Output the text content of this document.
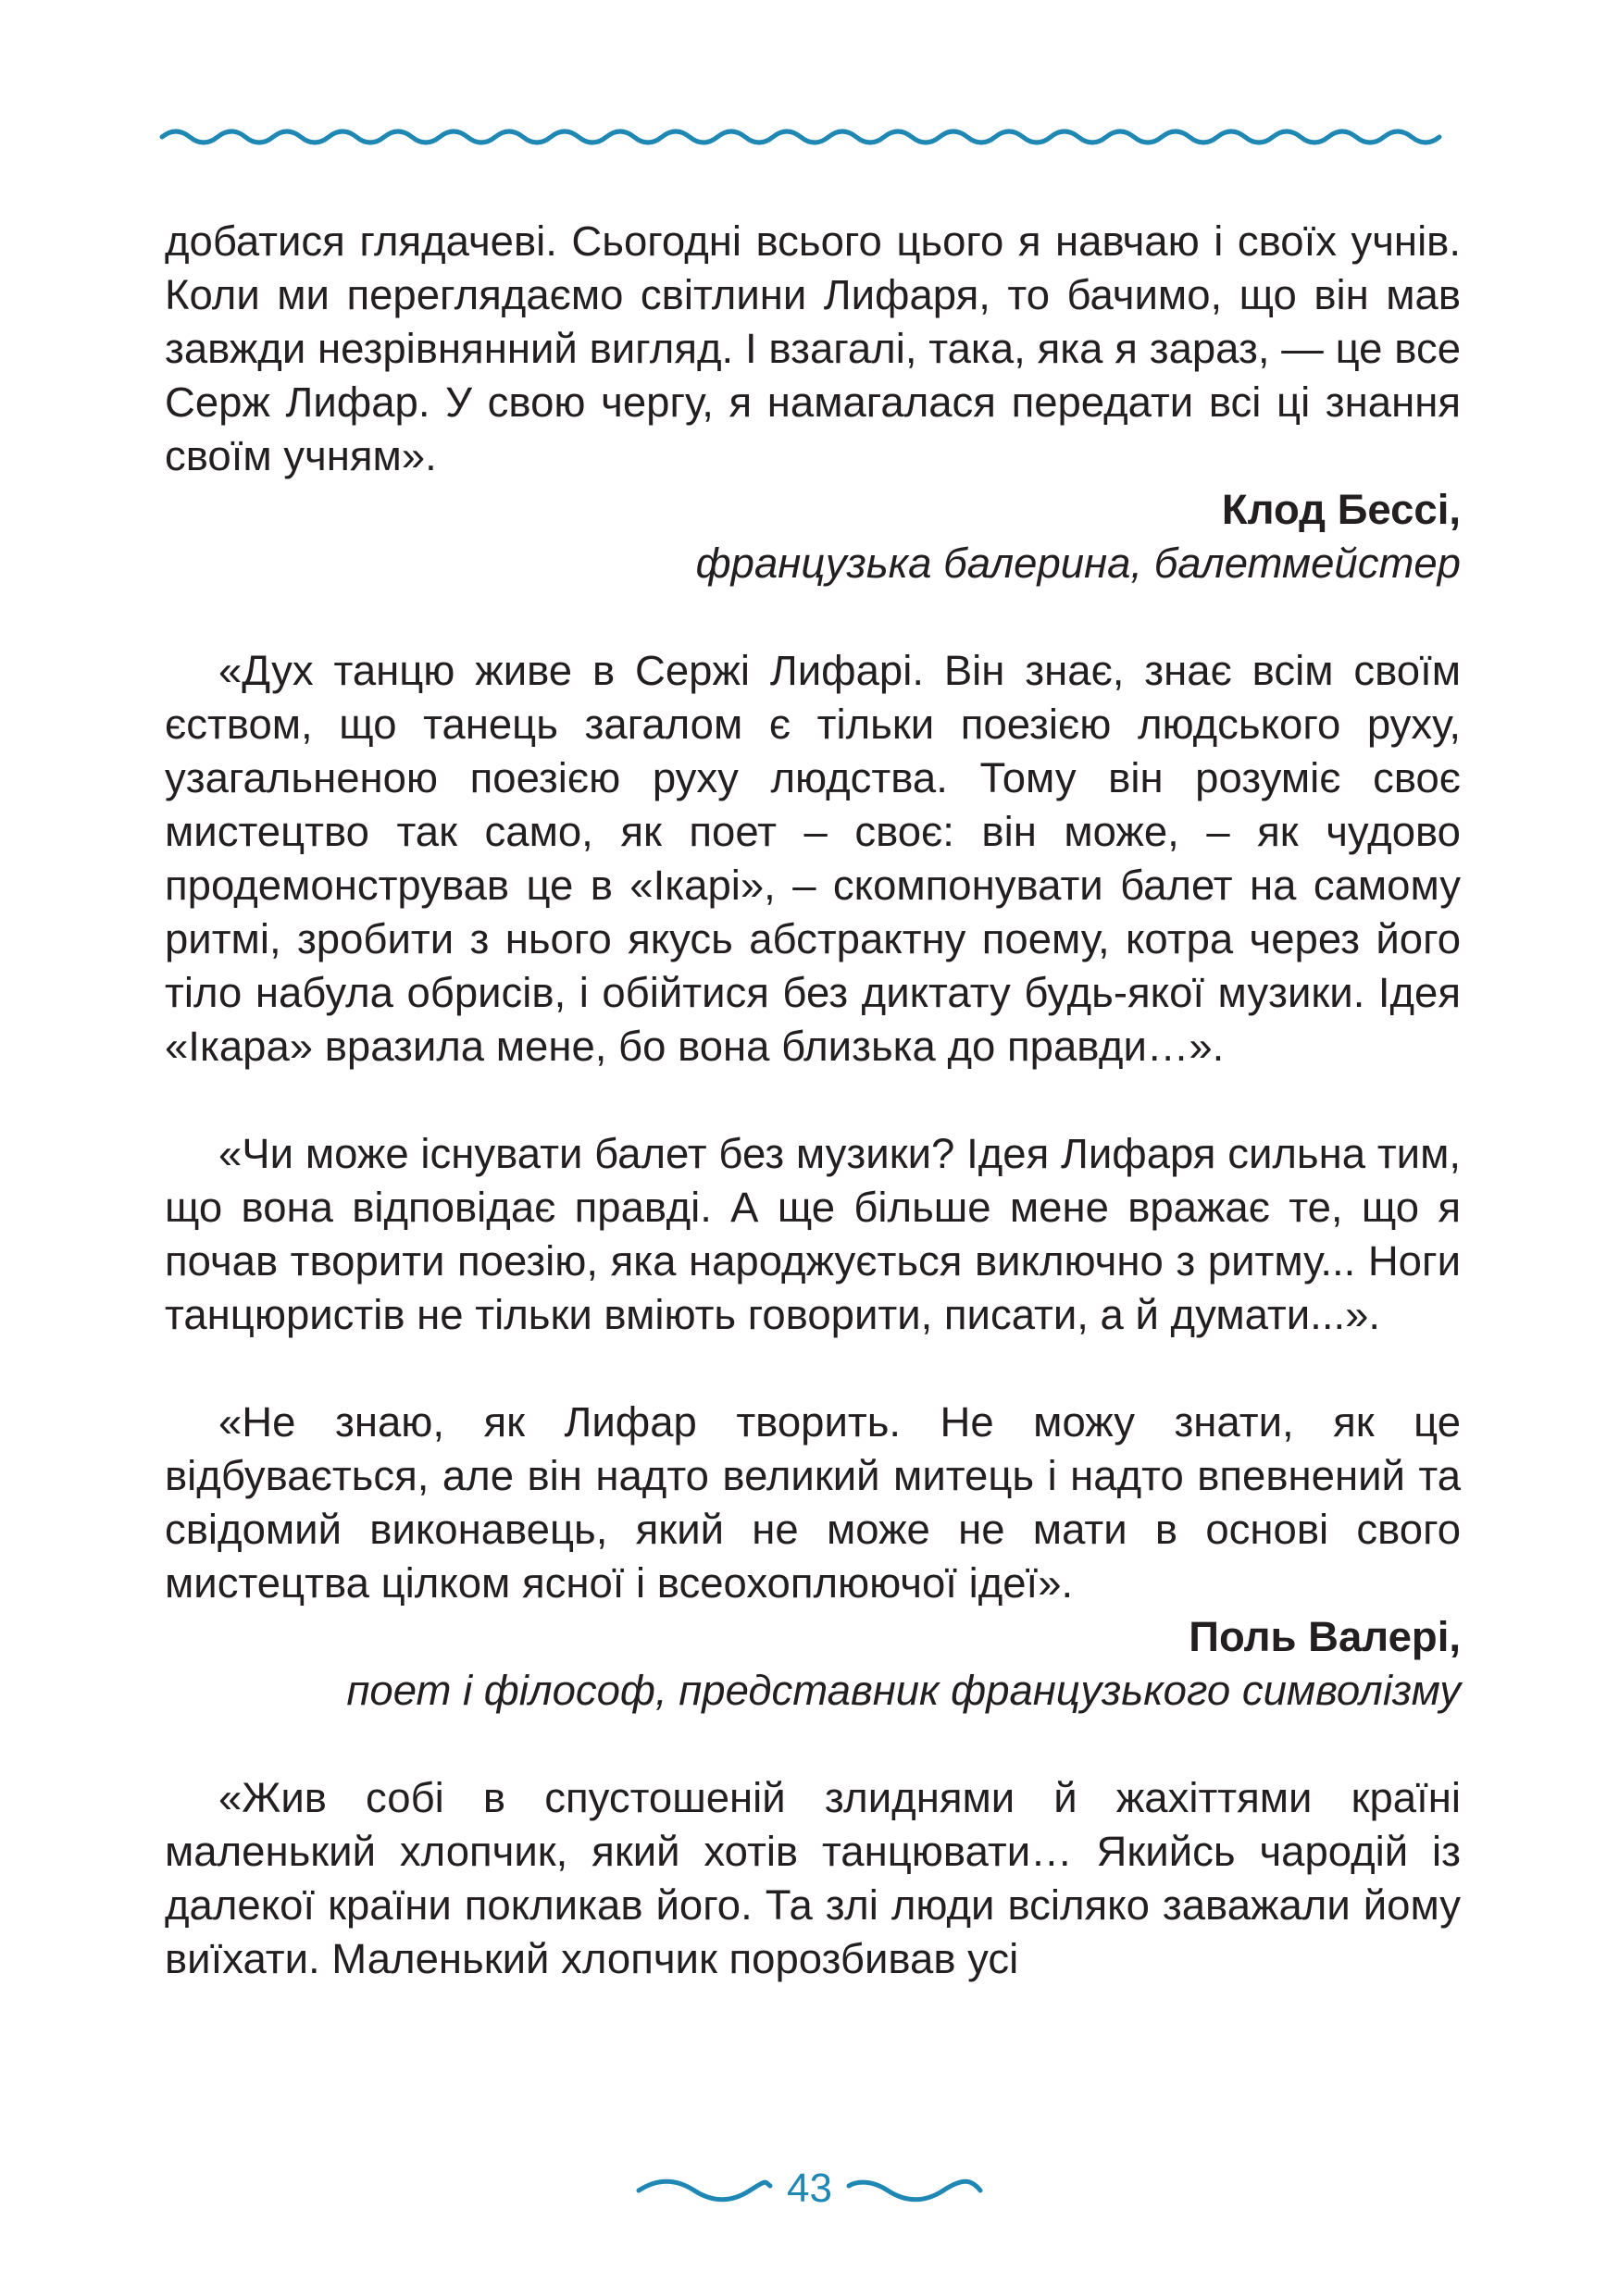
добатися глядачеві. Сьогодні всього цього я навчаю і своїх учнів. Коли ми переглядаємо світлини Лифаря, то бачимо, що він мав завжди незрівнянний вигляд. І взагалі, така, яка я зараз, — це все Серж Лифар. У свою чергу, я намагалася передати всі ці знання своїм учням».

Клод Бессі,

французька балерина, балетмейстер

«Дух танцю живе в Сержі Лифарі. Він знає, знає всім своїм єством, що танець загалом є тільки поезією людського руху, узагальненою поезією руху людства. Тому він розуміє своє мистецтво так само, як поет – своє: він може, – як чудово продемонстрував це в «Ікарі», – скомпонувати балет на самому ритмі, зробити з нього якусь абстрактну поему, котра через його тіло набула обрисів, і обійтися без диктату будь-якої музики. Ідея «Ікара» вразила мене, бо вона близька до правди…».

«Чи може існувати балет без музики? Ідея Лифаря сильна тим, що вона відповідає правді. А ще більше мене вражає те, що я почав творити поезію, яка народжується виключно з ритму... Ноги танцюристів не тільки вміють говорити, писати, а й думати...».

«Не знаю, як Лифар творить. Не можу знати, як це відбувається, але він надто великий митець і надто впевнений та свідомий виконавець, який не може не мати в основі свого мистецтва цілком ясної і всеохоплюючої ідеї».

Поль Валері,

поет і філософ, представник французького символізму

«Жив собі в спустошеній злиднями й жахіттями країні маленький хлопчик, який хотів танцювати… Якийсь чародій із далекої країни покликав його. Та злі люди всіляко заважали йому виїхати. Маленький хлопчик порозбивав усі

43
